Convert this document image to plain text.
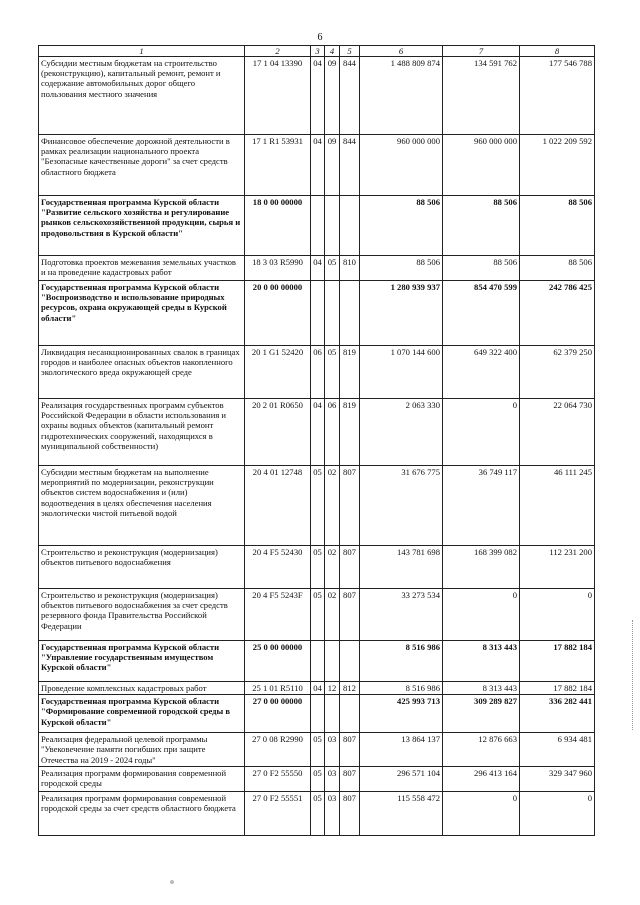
6
1	2	3	4	5	6	7	8
Субсидии местным бюджетам на строительство (реконструкцию), капитальный ремонт, ремонт и содержание автомобильных дорог общего пользования местного значения	17 1 04 13390	04	09	844	1 488 809 874	134 591 762	177 546 788
Финансовое обеспечение дорожной деятельности в рамках реализации национального проекта "Безопасные качественные дороги" за счет средств областного бюджета	17 1 R1 53931	04	09	844	960 000 000	960 000 000	1 022 209 592
Государственная программа Курской области "Развитие сельского хозяйства и регулирование рынков сельскохозяйственной продукции, сырья и продовольствия в Курской области"	18 0 00 00000				88 506	88 506	88 506
Подготовка проектов межевания земельных участков и на проведение кадастровых работ	18 3 03 R5990	04	05	810	88 506	88 506	88 506
Государственная программа Курской области "Воспроизводство и использование природных ресурсов, охрана окружающей среды в Курской области"	20 0 00 00000				1 280 939 937	854 470 599	242 786 425
Ликвидация несанкционированных свалок в границах городов и наиболее опасных объектов накопленного экологического вреда окружающей среде	20 1 G1 52420	06	05	819	1 070 144 600	649 322 400	62 379 250
Реализация государственных программ субъектов Российской Федерации в области использования и охраны водных объектов (капитальный ремонт гидротехнических сооружений, находящихся в муниципальной собственности)	20 2 01 R0650	04	06	819	2 063 330	0	22 064 730
Субсидии местным бюджетам на выполнение мероприятий по модернизации, реконструкции объектов систем водоснабжения и (или) водоотведения в целях обеспечения населения экологически чистой питьевой водой	20 4 01 12748	05	02	807	31 676 775	36 749 117	46 111 245
Строительство и реконструкция (модернизация) объектов питьевого водоснабжения	20 4 F5 52430	05	02	807	143 781 698	168 399 082	112 231 200
Строительство и реконструкция (модернизация) объектов питьевого водоснабжения за счет средств резервного фонда Правительства Российской Федерации	20 4 F5 5243F	05	02	807	33 273 534	0	0
Государственная программа Курской области "Управление государственным имуществом Курской области"	25 0 00 00000				8 516 986	8 313 443	17 882 184
Проведение комплексных кадастровых работ	25 1 01 R5110	04	12	812	8 516 986	8 313 443	17 882 184
Государственная программа Курской области "Формирование современной городской среды в Курской области"	27 0 00 00000				425 993 713	309 289 827	336 282 441
Реализация федеральной целевой программы "Увековечение памяти погибших при защите Отечества на 2019 - 2024 годы"	27 0 08 R2990	05	03	807	13 864 137	12 876 663	6 934 481
Реализация программ формирования современной городской среды	27 0 F2 55550	05	03	807	296 571 104	296 413 164	329 347 960
Реализация программ формирования современной городской среды за счет средств областного бюджета	27 0 F2 55551	05	03	807	115 558 472	0	0
